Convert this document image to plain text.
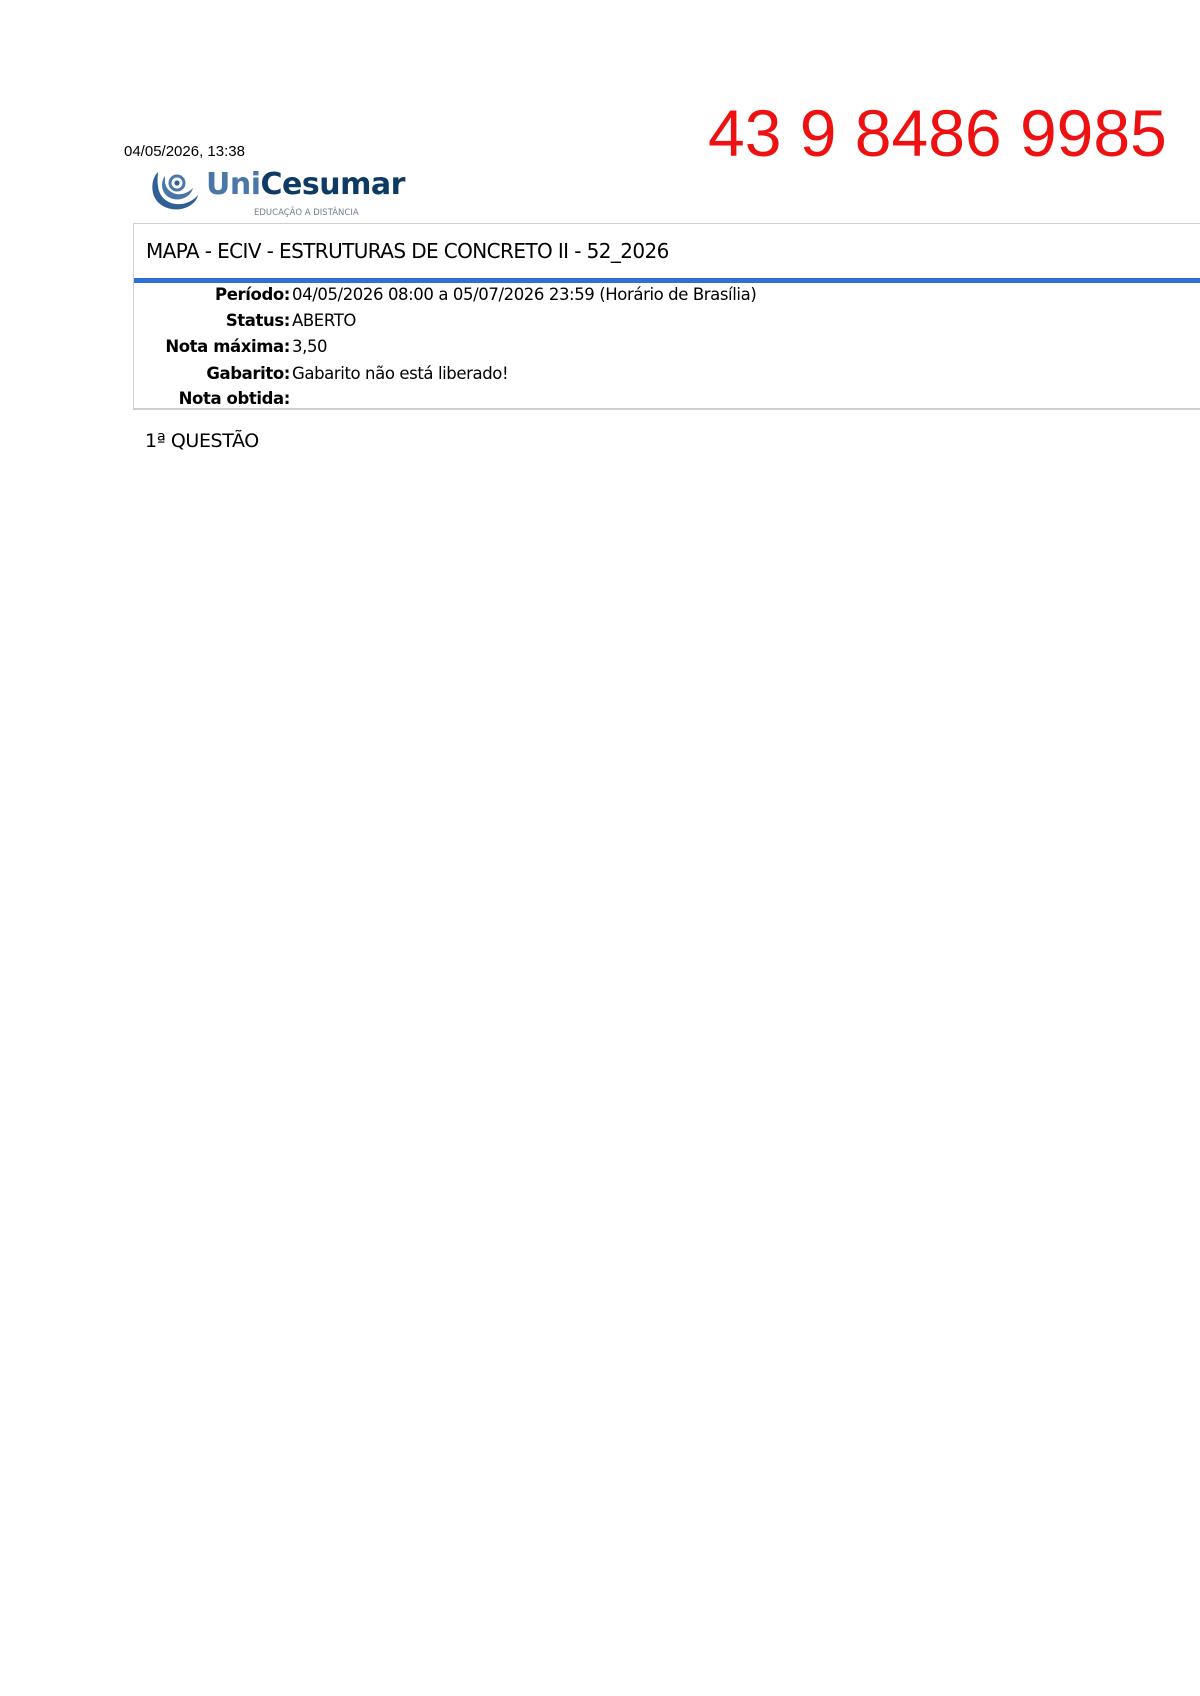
04/05/2026, 13:38	43 9 8486 9985
UniCesumar
EDUCAÇÃO A DISTÂNCIA
MAPA - ECIV - ESTRUTURAS DE CONCRETO II - 52_2026
Período: 04/05/2026 08:00 a 05/07/2026 23:59 (Horário de Brasília)
Status: ABERTO
Nota máxima: 3,50
Gabarito: Gabarito não está liberado!
Nota obtida:
1ª QUESTÃO
